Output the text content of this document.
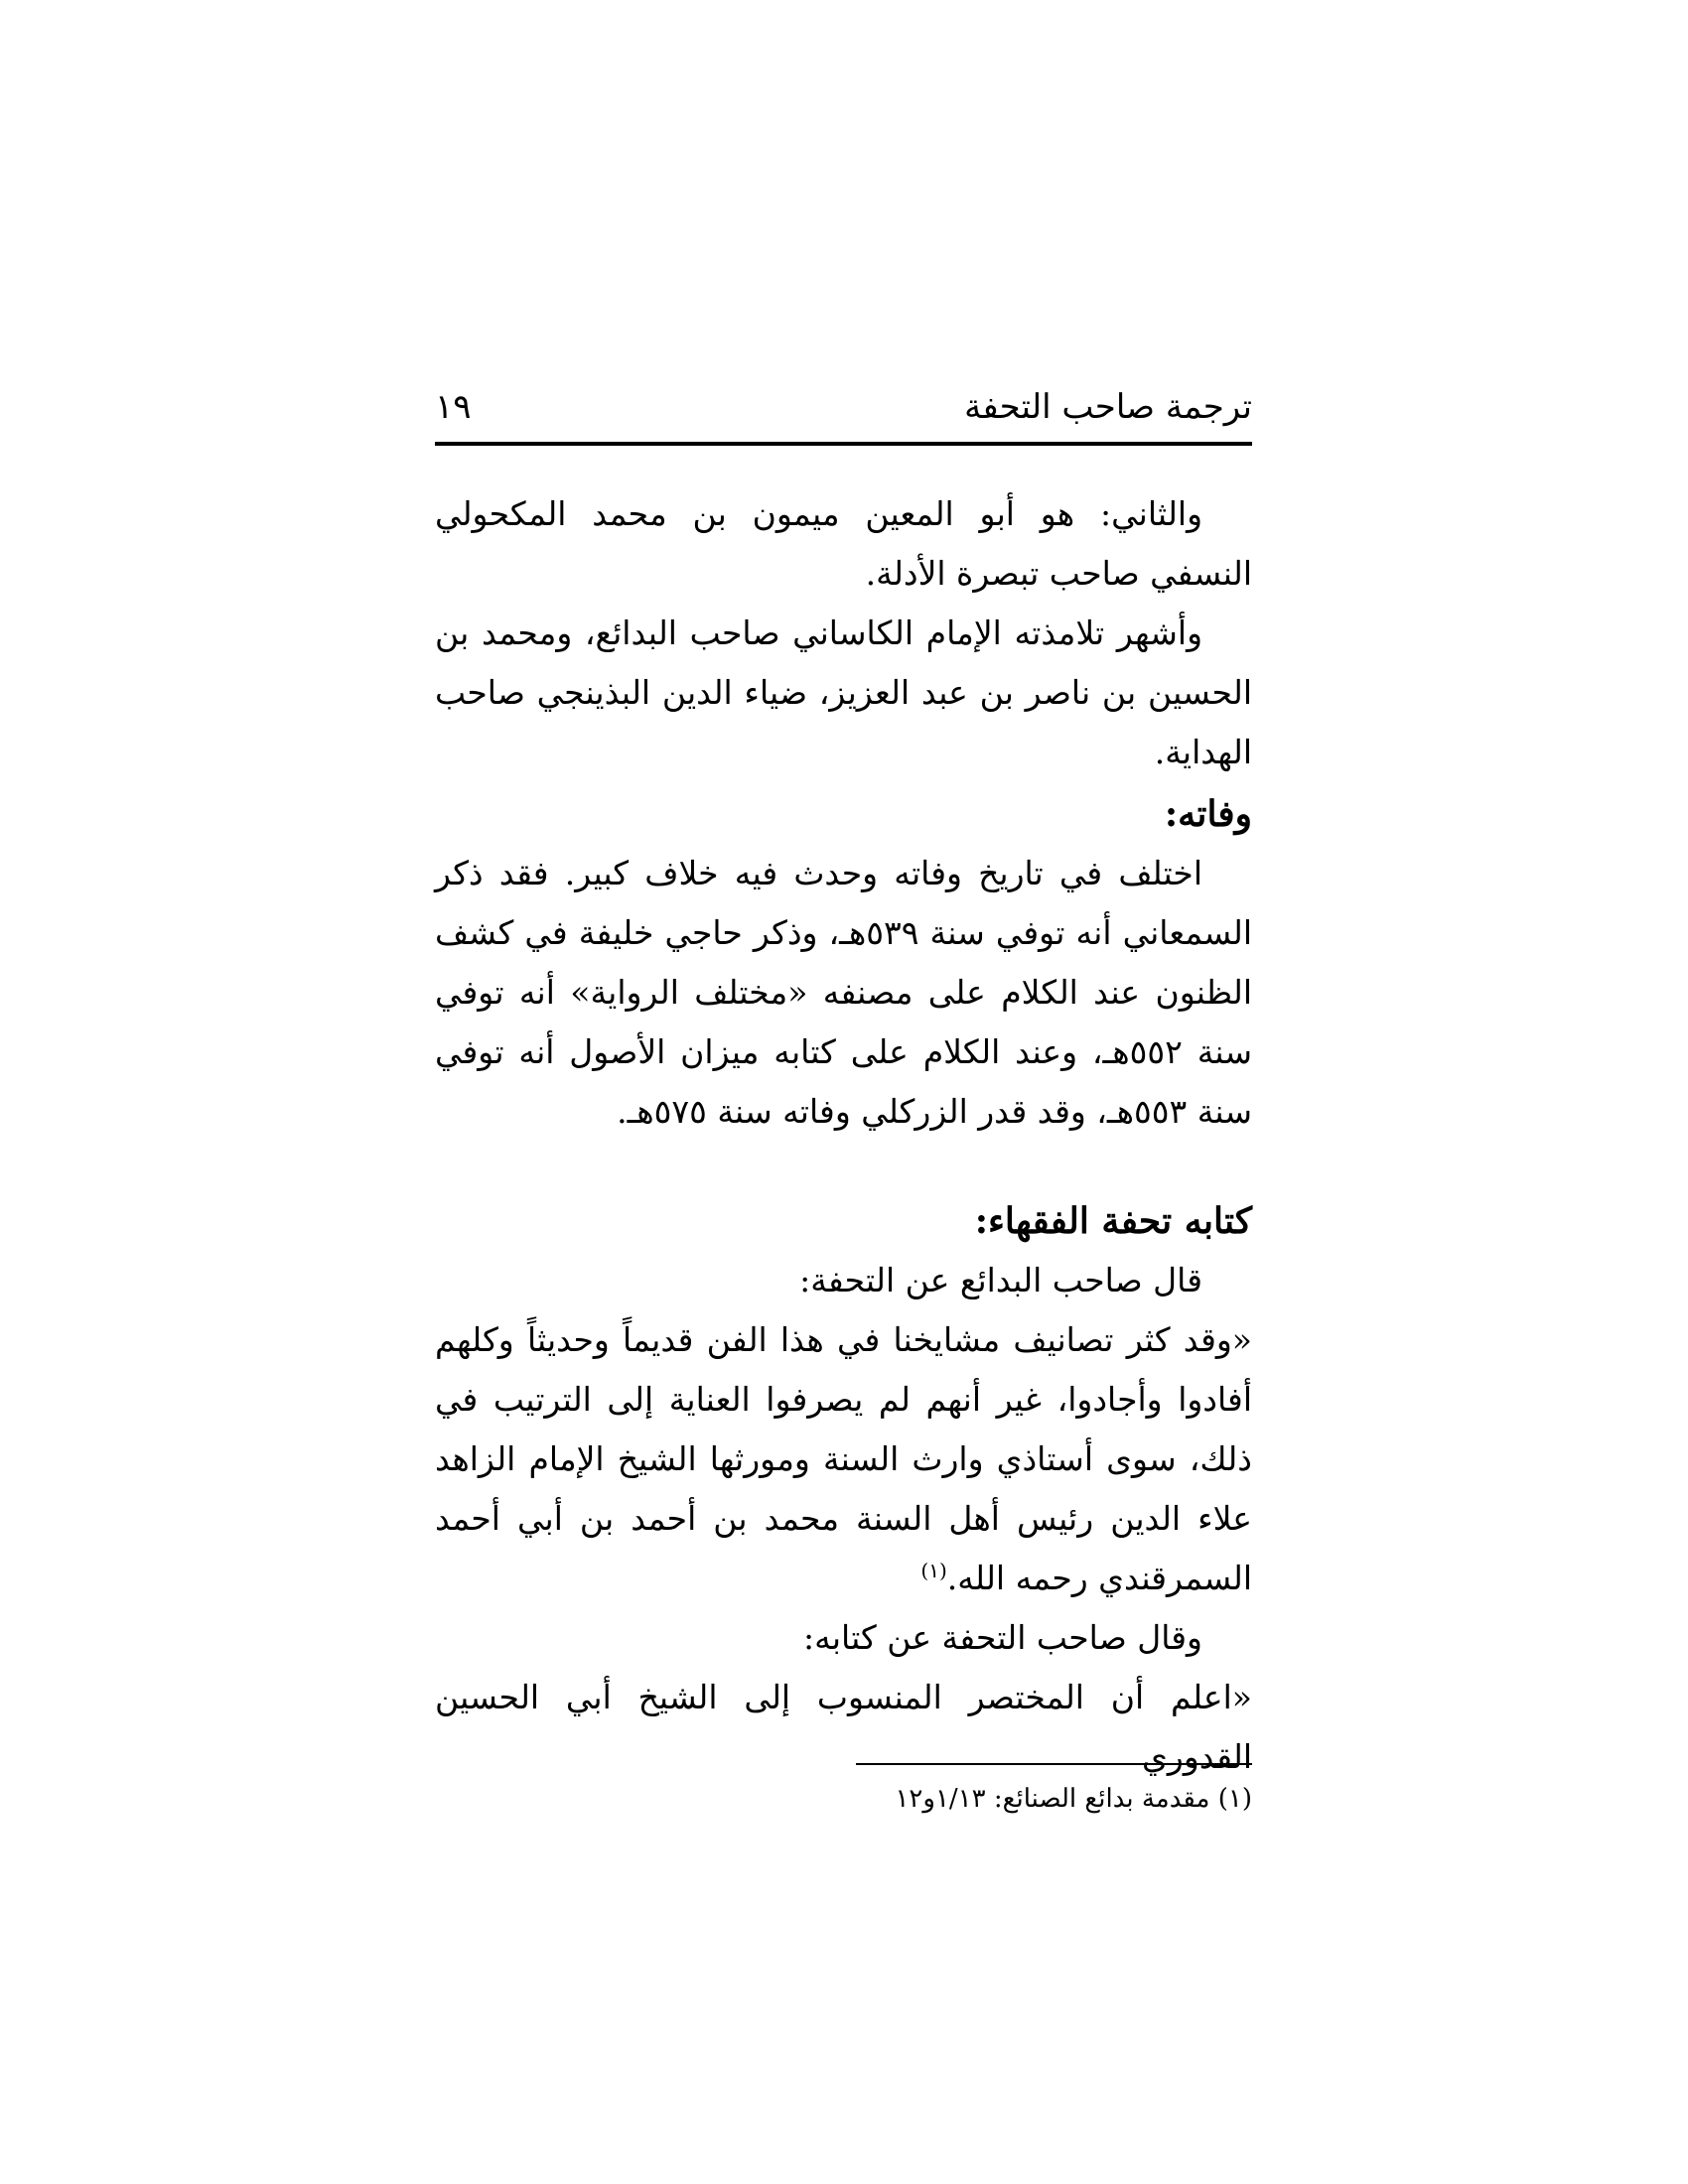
ترجمة صاحب التحفة
١٩

والثاني: هو أبو المعين ميمون بن محمد المكحولي النسفي صاحب تبصرة الأدلة.

وأشهر تلامذته الإمام الكاساني صاحب البدائع، ومحمد بن الحسين بن ناصر بن عبد العزيز، ضياء الدين البذينجي صاحب الهداية.

وفاته:

اختلف في تاريخ وفاته وحدث فيه خلاف كبير. فقد ذكر السمعاني أنه توفي سنة ٥٣٩هـ، وذكر حاجي خليفة في كشف الظنون عند الكلام على مصنفه «مختلف الرواية» أنه توفي سنة ٥٥٢هـ، وعند الكلام على كتابه ميزان الأصول أنه توفي سنة ٥٥٣هـ، وقد قدر الزركلي وفاته سنة ٥٧٥هـ.

كتابه تحفة الفقهاء:

قال صاحب البدائع عن التحفة:

«وقد كثر تصانيف مشايخنا في هذا الفن قديماً وحديثاً وكلهم أفادوا وأجادوا، غير أنهم لم يصرفوا العناية إلى الترتيب في ذلك، سوى أستاذي وارث السنة ومورثها الشيخ الإمام الزاهد علاء الدين رئيس أهل السنة محمد بن أحمد بن أبي أحمد السمرقندي رحمه الله.$^{(١)}$

وقال صاحب التحفة عن كتابه:

«اعلم أن المختصر المنسوب إلى الشيخ أبي الحسين القدوري

(١) مقدمة بدائع الصنائع: ١/١٣و١٢
